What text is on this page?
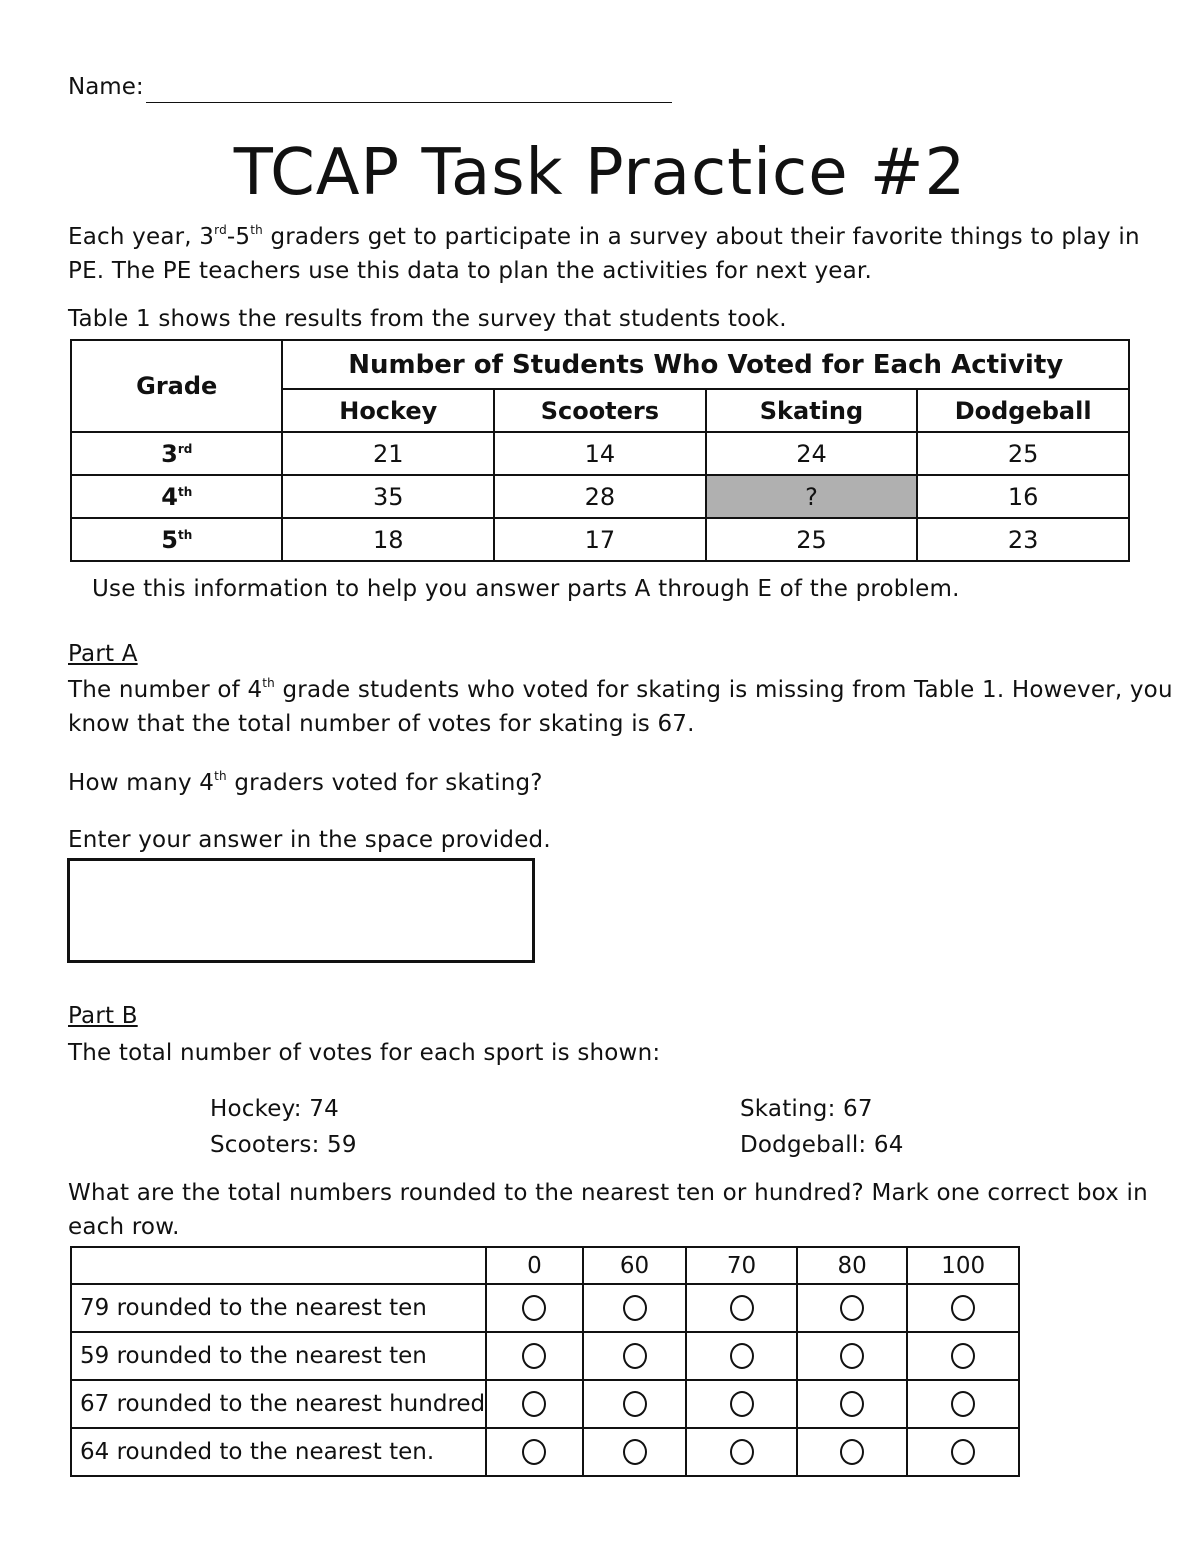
Name:
TCAP Task Practice #2
Each year, 3rd-5th graders get to participate in a survey about their favorite things to play in
PE. The PE teachers use this data to plan the activities for next year.
Table 1 shows the results from the survey that students took.
Grade	Number of Students Who Voted for Each Activity			
	Hockey	Scooters	Skating	Dodgeball
3rd	21	14	24	25
4th	35	28	?	16
5th	18	17	25	23
Use this information to help you answer parts A through E of the problem.
Part A
The number of 4th grade students who voted for skating is missing from Table 1. However, you
know that the total number of votes for skating is 67.
How many 4th graders voted for skating?
Enter your answer in the space provided.
Part B
The total number of votes for each sport is shown:
Hockey: 74
Scooters: 59
Skating: 67
Dodgeball: 64
What are the total numbers rounded to the nearest ten or hundred? Mark one correct box in
each row.
	0	60	70	80	100
79 rounded to the nearest ten					
59 rounded to the nearest ten					
67 rounded to the nearest hundred					
64 rounded to the nearest ten.					
